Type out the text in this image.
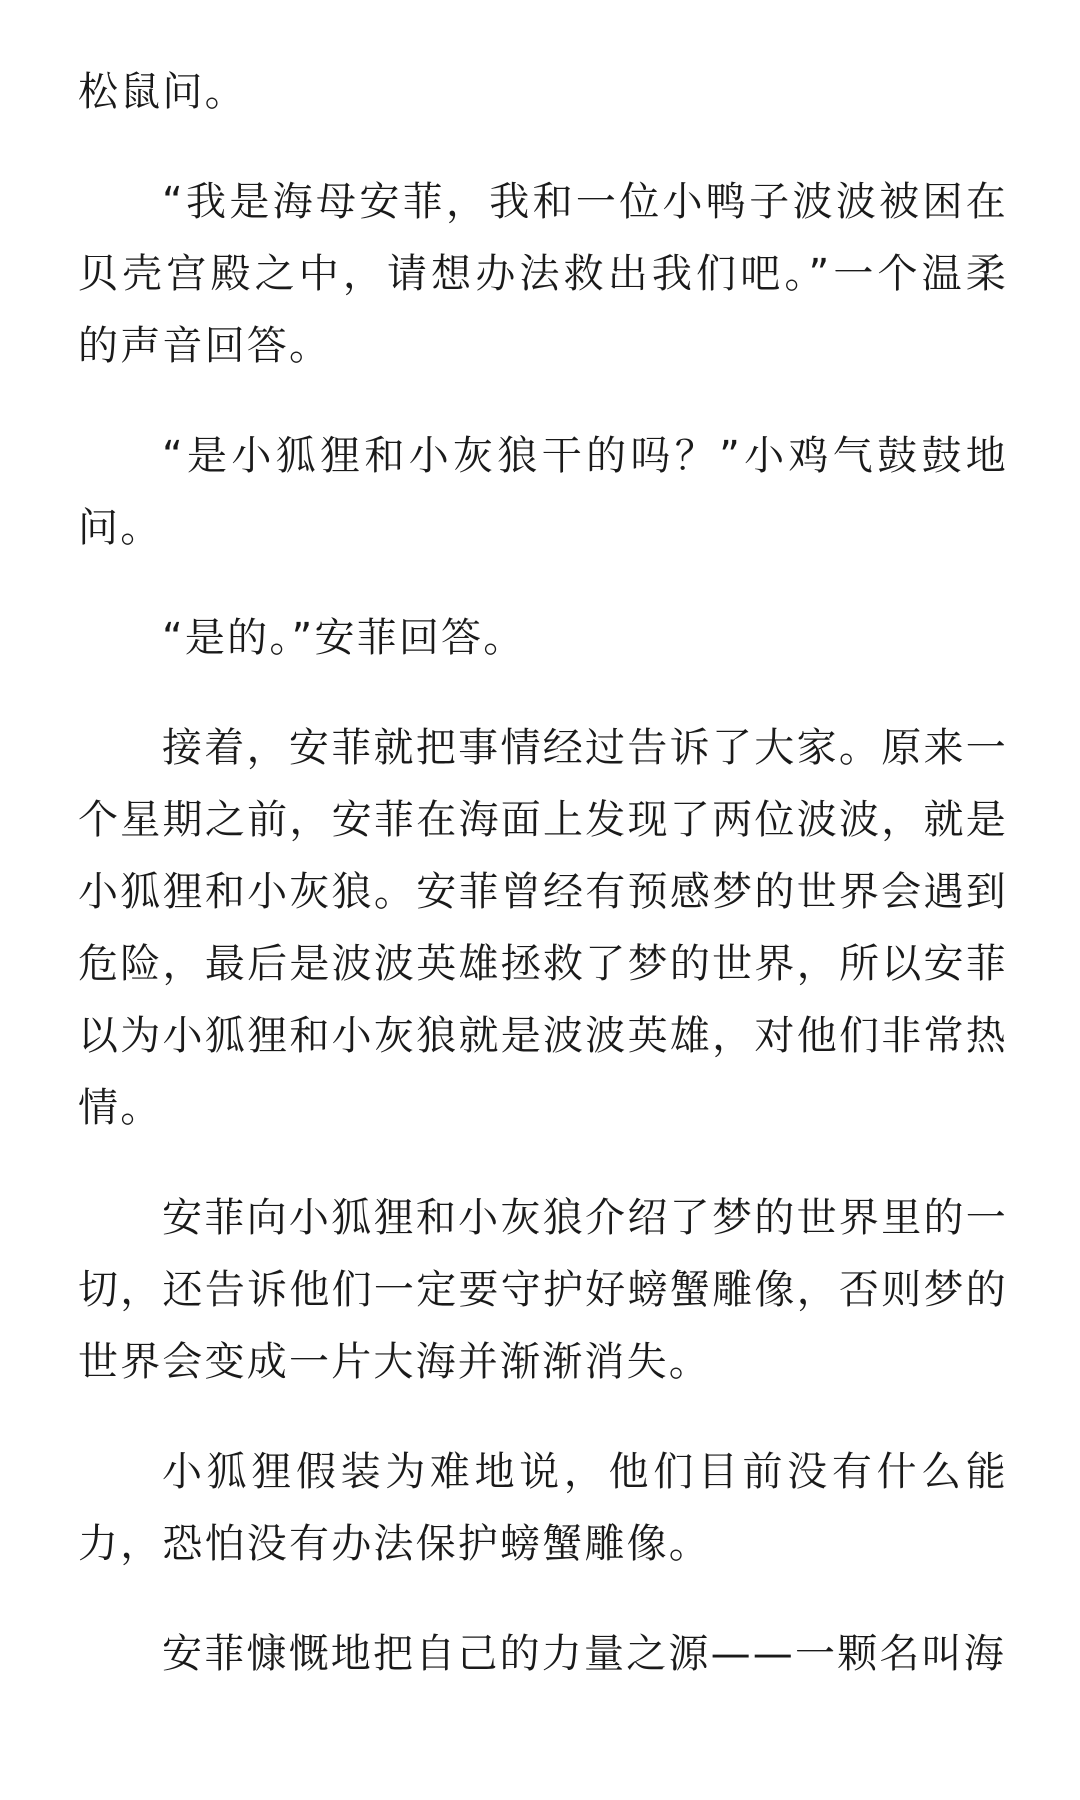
松鼠问。

“我是海母安菲，我和一位小鸭子波波被困在贝壳宫殿之中，请想办法救出我们吧。”一个温柔的声音回答。

“是小狐狸和小灰狼干的吗？”小鸡气鼓鼓地问。

“是的。”安菲回答。

接着，安菲就把事情经过告诉了大家。原来一个星期之前，安菲在海面上发现了两位波波，就是小狐狸和小灰狼。安菲曾经有预感梦的世界会遇到危险，最后是波波英雄拯救了梦的世界，所以安菲以为小狐狸和小灰狼就是波波英雄，对他们非常热情。

安菲向小狐狸和小灰狼介绍了梦的世界里的一切，还告诉他们一定要守护好螃蟹雕像，否则梦的世界会变成一片大海并渐渐消失。

小狐狸假装为难地说，他们目前没有什么能力，恐怕没有办法保护螃蟹雕像。

安菲慷慨地把自己的力量之源——一颗名叫海
